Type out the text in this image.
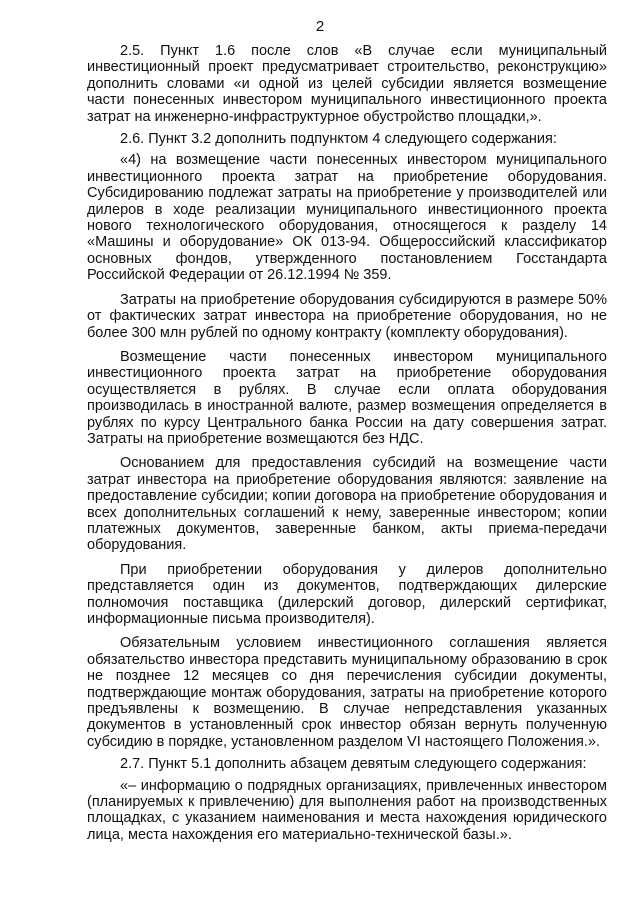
2

2.5. Пункт 1.6 после слов «В случае если муниципальный инвестиционный проект предусматривает строительство, реконструкцию» дополнить словами «и одной из целей субсидии является возмещение части понесенных инвестором муниципального инвестиционного проекта затрат на инженерно-инфраструктурное обустройство площадки,».

2.6. Пункт 3.2 дополнить подпунктом 4 следующего содержания:

«4) на возмещение части понесенных инвестором муниципального инвестиционного проекта затрат на приобретение оборудования. Субсидированию подлежат затраты на приобретение у производителей или дилеров в ходе реализации муниципального инвестиционного проекта нового технологического оборудования, относящегося к разделу 14 «Машины и оборудование» ОК 013-94. Общероссийский классификатор основных фондов, утвержденного постановлением Госстандарта Российской Федерации от 26.12.1994 № 359.

Затраты на приобретение оборудования субсидируются в размере 50% от фактических затрат инвестора на приобретение оборудования, но не более 300 млн рублей по одному контракту (комплекту оборудования).

Возмещение части понесенных инвестором муниципального инвестиционного проекта затрат на приобретение оборудования осуществляется в рублях. В случае если оплата оборудования производилась в иностранной валюте, размер возмещения определяется в рублях по курсу Центрального банка России на дату совершения затрат. Затраты на приобретение возмещаются без НДС.

Основанием для предоставления субсидий на возмещение части затрат инвестора на приобретение оборудования являются: заявление на предоставление субсидии; копии договора на приобретение оборудования и всех дополнительных соглашений к нему, заверенные инвестором; копии платежных документов, заверенные банком, акты приема-передачи оборудования.

При приобретении оборудования у дилеров дополнительно представляется один из документов, подтверждающих дилерские полномочия поставщика (дилерский договор, дилерский сертификат, информационные письма производителя).

Обязательным условием инвестиционного соглашения является обязательство инвестора представить муниципальному образованию в срок не позднее 12 месяцев со дня перечисления субсидии документы, подтверждающие монтаж оборудования, затраты на приобретение которого предъявлены к возмещению. В случае непредставления указанных документов в установленный срок инвестор обязан вернуть полученную субсидию в порядке, установленном разделом VI настоящего Положения.».

2.7. Пункт 5.1 дополнить абзацем девятым следующего содержания:

«– информацию о подрядных организациях, привлеченных инвестором (планируемых к привлечению) для выполнения работ на производственных площадках, с указанием наименования и места нахождения юридического лица, места нахождения его материально-технической базы.».
